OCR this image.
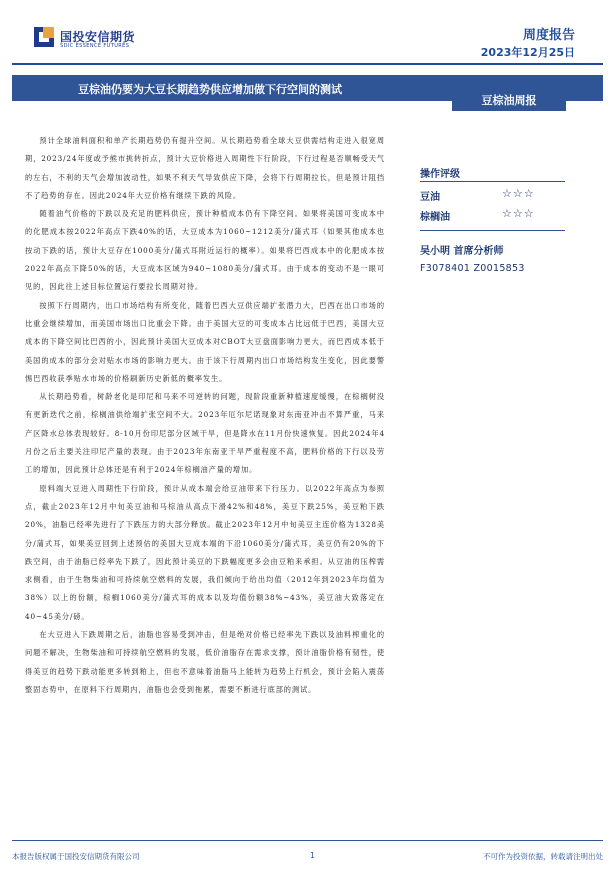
国投安信期货
SDIC ESSENCE FUTURES
周度报告
2023年12月25日
豆棕油仍要为大豆长期趋势供应增加做下行空间的测试
豆棕油周报

预计全球油料面积和单产长期趋势仍有提升空间。从长期趋势看全球大豆供需结构走进入很宽周期，2023/24年度或予熊市挑转折点，预计大豆价格进入周期性下行阶段，下行过程是否顺畅受天气的左右，不利的天气会增加波动性，如果不利天气导致供应下降，会将下行周期拉长，但是预计阻挡不了趋势的存在。因此2024年大豆价格有继续下跌的风险。

随着油气价格的下跌以及充足的肥料供应，预计种植成本仍有下降空间。如果将美国可变成本中的化肥成本按2022年高点下跌40%的话，大豆成本为1060~1212美分/蒲式耳（如果其他成本也按动下跌的话，预计大豆存在1000美分/蒲式耳附近运行的概率）。如果将巴西成本中的化肥成本按2022年高点下降50%的话，大豆成本区域为940~1080美分/蒲式耳。由于成本的变动不是一眼可见的，因此往上述目标位置运行要拉长周期对待。

按照下行周期内，出口市场结构有所变化，随着巴西大豆供应端扩张潜力大，巴西在出口市场的比重会继续增加，而美国市场出口比重会下降。由于美国大豆的可变成本占比远低于巴西，美国大豆成本的下降空间比巴西的小，因此预计美国大豆成本对CBOT大豆盘面影响力更大，而巴西成本低于美国的成本的部分会对贴水市场的影响力更大。由于该下行周期内出口市场结构发生变化，因此要警惕巴西收获季贴水市场的价格刷新历史新低的概率发生。

从长期趋势看，树龄老化是印尼和马来不可逆转的问题，现阶段重新种植速度缓慢，在棕榈树没有更新迭代之前，棕榈油供给端扩张空间不大。2023年厄尔尼诺现象对东南亚冲击不算严重，马来产区降水总体表现较好。8-10月份印尼部分区域干旱，但是降水在11月份快速恢复。因此2024年4月份之后主要关注印尼产量的表现。由于2023年东南亚干旱严重程度不高，肥料价格的下行以及劳工的增加，因此预计总体还是有利于2024年棕榈油产量的增加。

原料端大豆进入周期性下行阶段，预计从成本端会给豆油带来下行压力。以2022年高点为参照点，截止2023年12月中旬美豆油和马棕油从高点下滑42%和48%，美豆下跌25%，美豆粕下跌20%，油脂已经率先进行了下跌压力的大部分释放。截止2023年12月中旬美豆主连价格为1328美分/蒲式耳，如果美豆回到上述预估的美国大豆成本端的下沿1060美分/蒲式耳，美豆仍有20%的下跌空间，由于油脂已经率先下跌了，因此预计美豆的下跌幅度更多会由豆粕来承担。从豆油的压榨需求侧看，由于生物柴油和可持续航空燃料的发展，我们倾向于给出均值（2012年到2023年均值为38%）以上的份额，棕榈1060美分/蒲式耳的成本以及均值份额38%~43%，美豆油大致落定在40~45美分/磅。

在大豆进入下跌周期之后，油脂也容易受到冲击，但是绝对价格已经率先下跌以及油料榨重化的问题不解决，生物柴油和可持续航空燃料的发展，低价油脂存在需求支撑，预计油脂价格有韧性，使得美豆的趋势下跌动能更多转到粕上，但也不意味着油脂马上能转为趋势上行机会，预计会陷入震荡整固态势中，在原料下行周期内，油脂也会受到拖累，需要不断进行底部的测试。

操作评级
豆油	☆☆☆
棕榈油	☆☆☆
吴小明 首席分析师
F3078401 Z0015853
本报告版权属于国投安信期货有限公司	1	不可作为投资依据，转载请注明出处
